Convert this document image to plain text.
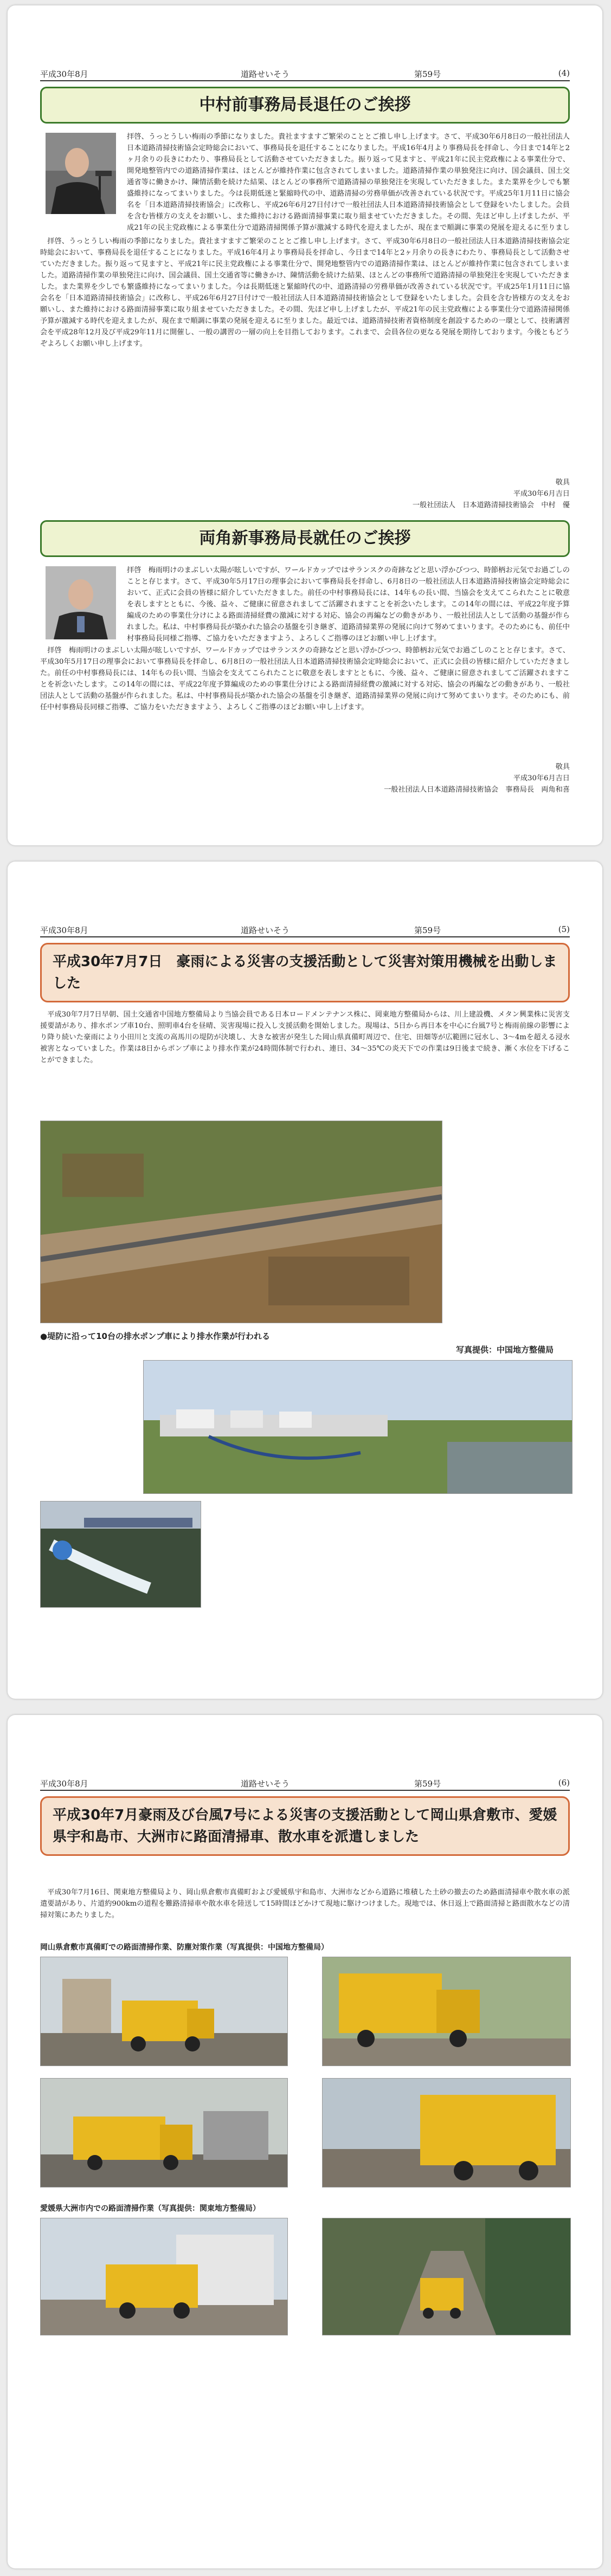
平成30年8月	道路せいそう	第59号	(4)
中村前事務局長退任のご挨拶

拝啓、うっとうしい梅雨の季節になりました。貴社ますますご繁栄のこととご推し申し上げます。さて、平成30年6月8日の一般社団法人日本道路清掃技術協会定時総会において、事務局長を退任することになりました。平成16年4月より事務局長を拝命し、今日まで14年と2ヶ月余りの長きにわたり、事務局長として活動させていただきました。振り返って見ますと、平成21年に民主党政権による事業仕分で、開発地整管内での道路清掃作業は、ほとんどが維持作業に包含されてしまいました。道路清掃作業の単独発注に向け、国会議員、国土交通省等に働きかけ、陳情活動を続けた結果、ほとんどの事務所で道路清掃の単独発注を実現していただきました。また業界を少しでも繁盛維持になってまいりました。今は長期低迷と緊縮時代の中、道路清掃の労務単価が改善されている状況です。平成25年1月11日に協会名を「日本道路清掃技術協会」に改称し、平成26年6月27日付けで一般社団法人日本道路清掃技術協会として登録をいたしました。会員を含む皆様方の支えをお願いし、また維持における路面清掃事業に取り組ませていただきました。その間、先ほど申し上げましたが、平成21年の民主党政権による事業仕分で道路清掃関係予算が激減する時代を迎えましたが、現在まで順調に事業の発展を迎えるに至りまし

拝啓、うっとうしい梅雨の季節になりました。貴社ますますご繁栄のこととご推し申し上げます。さて、平成30年6月8日の一般社団法人日本道路清掃技術協会定時総会において、事務局長を退任することになりました。平成16年4月より事務局長を拝命し、今日まで14年と2ヶ月余りの長きにわたり、事務局長として活動させていただきました。振り返って見ますと、平成21年に民主党政権による事業仕分で、開発地整管内での道路清掃作業は、ほとんどが維持作業に包含されてしまいました。道路清掃作業の単独発注に向け、国会議員、国土交通省等に働きかけ、陳情活動を続けた結果、ほとんどの事務所で道路清掃の単独発注を実現していただきました。また業界を少しでも繁盛維持になってまいりました。今は長期低迷と緊縮時代の中、道路清掃の労務単価が改善されている状況です。平成25年1月11日に協会名を「日本道路清掃技術協会」に改称し、平成26年6月27日付けで一般社団法人日本道路清掃技術協会として登録をいたしました。会員を含む皆様方の支えをお願いし、また維持における路面清掃事業に取り組ませていただきました。その間、先ほど申し上げましたが、平成21年の民主党政権による事業仕分で道路清掃関係予算が激減する時代を迎えましたが、現在まで順調に事業の発展を迎えるに至りました。最近では、道路清掃技術者資格制度を創設するための一環として、技術講習会を平成28年12月及び平成29年11月に開催し、一般の講習の一層の向上を目指しております。これまで、会員各位の更なる発展を期待しております。今後ともどうぞよろしくお願い申し上げます。

敬具
平成30年6月吉日
一般社団法人　日本道路清掃技術協会　中村　優
両角新事務局長就任のご挨拶

拝啓　梅雨明けのまぶしい太陽が眩しいですが、ワールドカップではサランスクの奇跡などと思い浮かびつつ、時節柄お元気でお過ごしのことと存じます。さて、平成30年5月17日の理事会において事務局長を拝命し、6月8日の一般社団法人日本道路清掃技術協会定時総会において、正式に会員の皆様に紹介していただきました。前任の中村事務局長には、14年もの長い間、当協会を支えてこられたことに敬意を表しますとともに、今後、益々、ご健康に留意されましてご活躍されますことを祈念いたします。この14年の間には、平成22年度予算編成のための事業仕分けによる路面清掃経費の激減に対する対応、協会の再編などの動きがあり、一般社団法人として活動の基盤が作られました。私は、中村事務局長が築かれた協会の基盤を引き継ぎ、道路清掃業界の発展に向けて努めてまいります。そのためにも、前任中村事務局長同様ご指導、ご協力をいただきますよう、よろしくご指導のほどお願い申し上げます。

拝啓　梅雨明けのまぶしい太陽が眩しいですが、ワールドカップではサランスクの奇跡などと思い浮かびつつ、時節柄お元気でお過ごしのことと存じます。さて、平成30年5月17日の理事会において事務局長を拝命し、6月8日の一般社団法人日本道路清掃技術協会定時総会において、正式に会員の皆様に紹介していただきました。前任の中村事務局長には、14年もの長い間、当協会を支えてこられたことに敬意を表しますとともに、今後、益々、ご健康に留意されましてご活躍されますことを祈念いたします。この14年の間には、平成22年度予算編成のための事業仕分けによる路面清掃経費の激減に対する対応、協会の再編などの動きがあり、一般社団法人として活動の基盤が作られました。私は、中村事務局長が築かれた協会の基盤を引き継ぎ、道路清掃業界の発展に向けて努めてまいります。そのためにも、前任中村事務局長同様ご指導、ご協力をいただきますよう、よろしくご指導のほどお願い申し上げます。

敬具
平成30年6月吉日
一般社団法人日本道路清掃技術協会　事務局長　両角和喜
平成30年8月	道路せいそう	第59号	(5)
平成30年7月7日　豪雨による災害の支援活動として災害対策用機械を出動しました

平成30年7月7日早朝、国土交通省中国地方整備局より当協会員である日本ロードメンテナンス株に、岡東地方整備局からは、川上建設機、メタン興業株に災害支援要請があり、排水ポンプ車10台、照明車4台を昼晴、災害現場に投入し支援活動を開始しました。現場は、5日から再日本を中心に台風7号と梅雨前線の影響により降り続いた豪雨により小田川と支流の高馬川の堤防が決壊し、大きな被害が発生した岡山県真備町周辺で、住宅、田畑等が広範囲に冠水し、3〜4mを超える浸水被害となっていました。作業は8日からポンプ車により排水作業が24時間体制で行われ、連日、34〜35℃の炎天下での作業は9日後まで続き、漸く水位を下げることができました。

●堤防に沿って10台の排水ポンプ車により排水作業が行われる
写真提供：中国地方整備局
平成30年8月	道路せいそう	第59号	(6)
平成30年7月豪雨及び台風7号による災害の支援活動として岡山県倉敷市、愛媛県宇和島市、大洲市に路面清掃車、散水車を派遣しました

平成30年7月16日、関東地方整備局より、岡山県倉敷市真備町および愛媛県宇和島市、大洲市などから道路に堆積した土砂の撤去のため路面清掃車や散水車の派遣要請があり、片道約900kmの道程を難路清掃車や散水車を陸送して15時間ほどかけて現地に駆けつけました。現地では、休日返上で路面清掃と路面散水などの清掃対策にあたりました。

岡山県倉敷市真備町での路面清掃作業、防塵対策作業（写真提供：中国地方整備局）
愛媛県大洲市内での路面清掃作業（写真提供：関東地方整備局）
